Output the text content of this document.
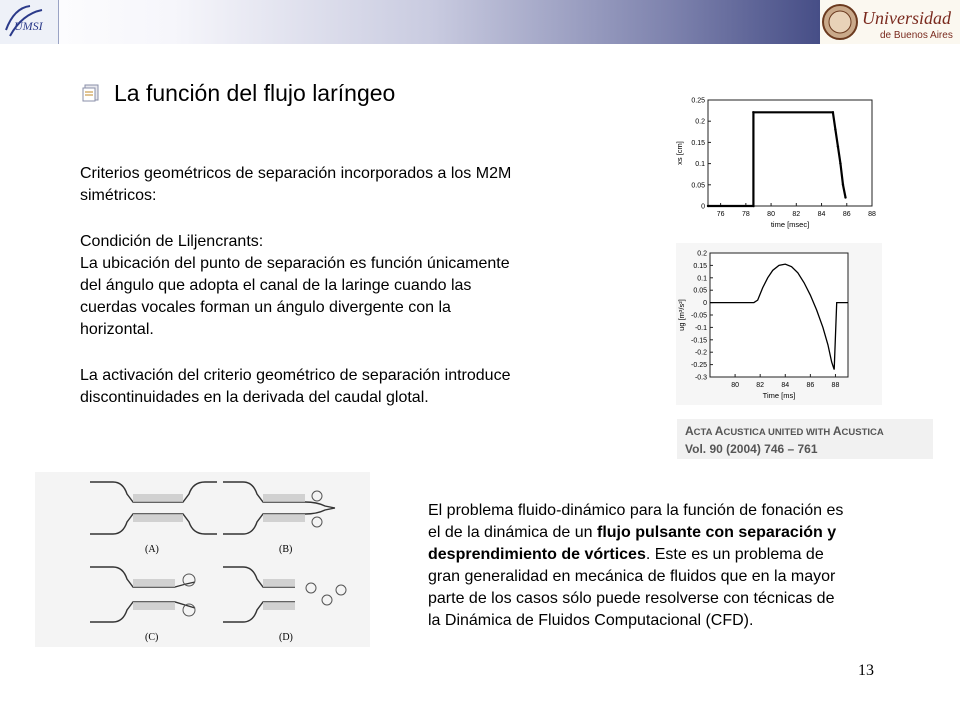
UMSI	Universidad
de Buenos Aires
La función del flujo laríngeo
Criterios geométricos de separación incorporados a los M2M
simétricos:
Condición de Liljencrants:
La ubicación del punto de separación es función únicamente
del ángulo que adopta el canal de la laringe cuando las
cuerdas vocales forman un ángulo divergente con la
horizontal.
La activación del criterio geométrico de separación introduce
discontinuidades en la derivada del caudal glotal.
76 78 80 82 84 86 88
0
0.05
0.1
0.15
0.2
0.25
time [msec]
xs [cm]
80 82 84 86 88
0.2
0.15
0.1
0.05
0
-0.05
-0.1
-0.15
-0.2
-0.25
-0.3
Time [ms]
ug [m³/s²]
ACTA ACUSTICA UNITED WITH ACUSTICA
Vol. 90 (2004) 746 – 761
(A)	(B)
(C)	(D)
El problema fluido-dinámico para la función de fonación es
el de la dinámica de un flujo pulsante con separación y
desprendimiento de vórtices. Este es un problema de
gran generalidad en mecánica de fluidos que en la mayor
parte de los casos sólo puede resolverse con técnicas de
la Dinámica de Fluidos Computacional (CFD).
13
